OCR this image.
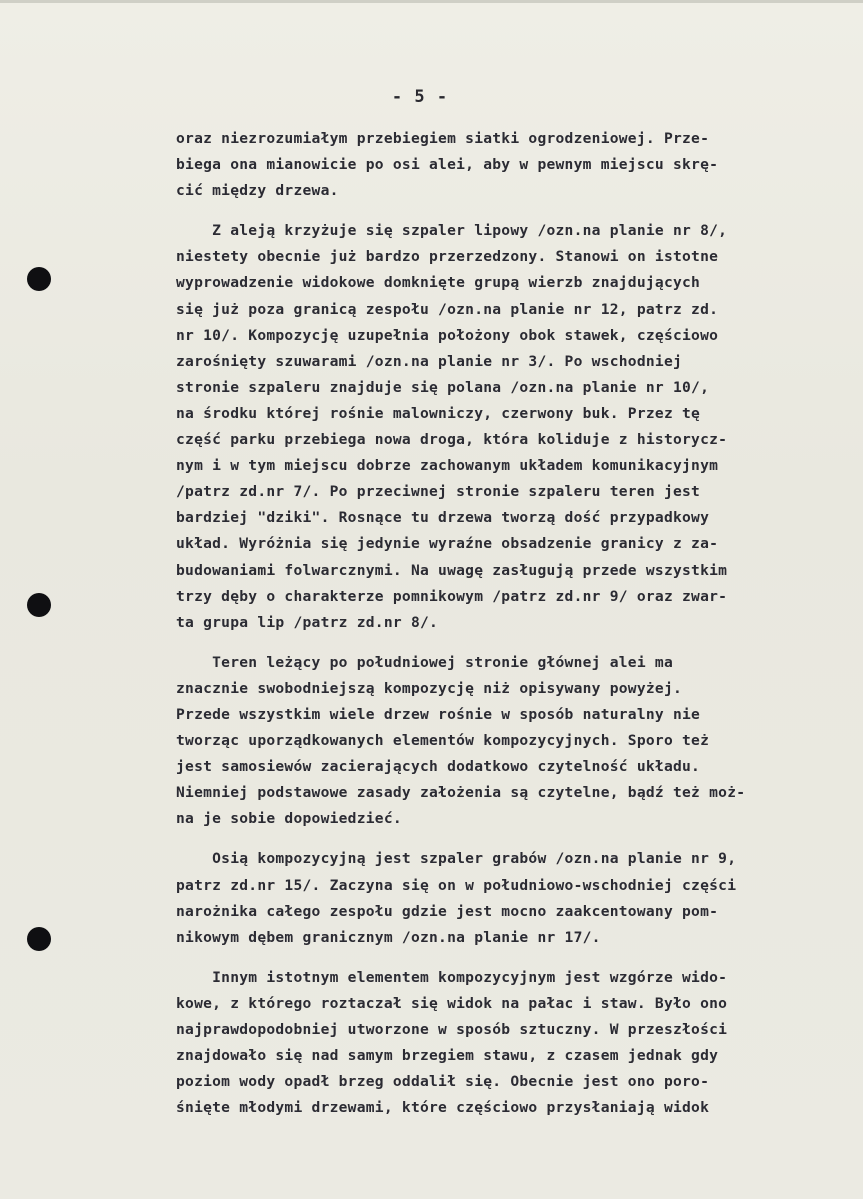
- 5 -
oraz niezrozumiałym przebiegiem siatki ogrodzeniowej. Prze-
biega ona mianowicie po osi alei, aby w pewnym miejscu skrę-
cić między drzewa.
Z aleją krzyżuje się szpaler lipowy /ozn.na planie nr 8/,
niestety obecnie już bardzo przerzedzony. Stanowi on istotne
wyprowadzenie widokowe domknięte grupą wierzb znajdujących
się już poza granicą zespołu /ozn.na planie nr 12, patrz zd.
nr 10/. Kompozycję uzupełnia położony obok stawek, częściowo
zarośnięty szuwarami /ozn.na planie nr 3/. Po wschodniej
stronie szpaleru znajduje się polana /ozn.na planie nr 10/,
na środku której rośnie malowniczy, czerwony buk. Przez tę
część parku przebiega nowa droga, która koliduje z historycz-
nym i w tym miejscu dobrze zachowanym układem komunikacyjnym
/patrz zd.nr 7/. Po przeciwnej stronie szpaleru teren jest
bardziej "dziki". Rosnące tu drzewa tworzą dość przypadkowy
układ. Wyróżnia się jedynie wyraźne obsadzenie granicy z za-
budowaniami folwarcznymi. Na uwagę zasługują przede wszystkim
trzy dęby o charakterze pomnikowym /patrz zd.nr 9/ oraz zwar-
ta grupa lip /patrz zd.nr 8/.
Teren leżący po południowej stronie głównej alei ma
znacznie swobodniejszą kompozycję niż opisywany powyżej.
Przede wszystkim wiele drzew rośnie w sposób naturalny nie
tworząc uporządkowanych elementów kompozycyjnych. Sporo też
jest samosiewów zacierających dodatkowo czytelność układu.
Niemniej podstawowe zasady założenia są czytelne, bądź też moż-
na je sobie dopowiedzieć.
Osią kompozycyjną jest szpaler grabów /ozn.na planie nr 9,
patrz zd.nr 15/. Zaczyna się on w południowo-wschodniej części
narożnika całego zespołu gdzie jest mocno zaakcentowany pom-
nikowym dębem granicznym /ozn.na planie nr 17/.
Innym istotnym elementem kompozycyjnym jest wzgórze wido-
kowe, z którego roztaczał się widok na pałac i staw. Było ono
najprawdopodobniej utworzone w sposób sztuczny. W przeszłości
znajdowało się nad samym brzegiem stawu, z czasem jednak gdy
poziom wody opadł brzeg oddalił się. Obecnie jest ono poro-
śnięte młodymi drzewami, które częściowo przysłaniają widok
